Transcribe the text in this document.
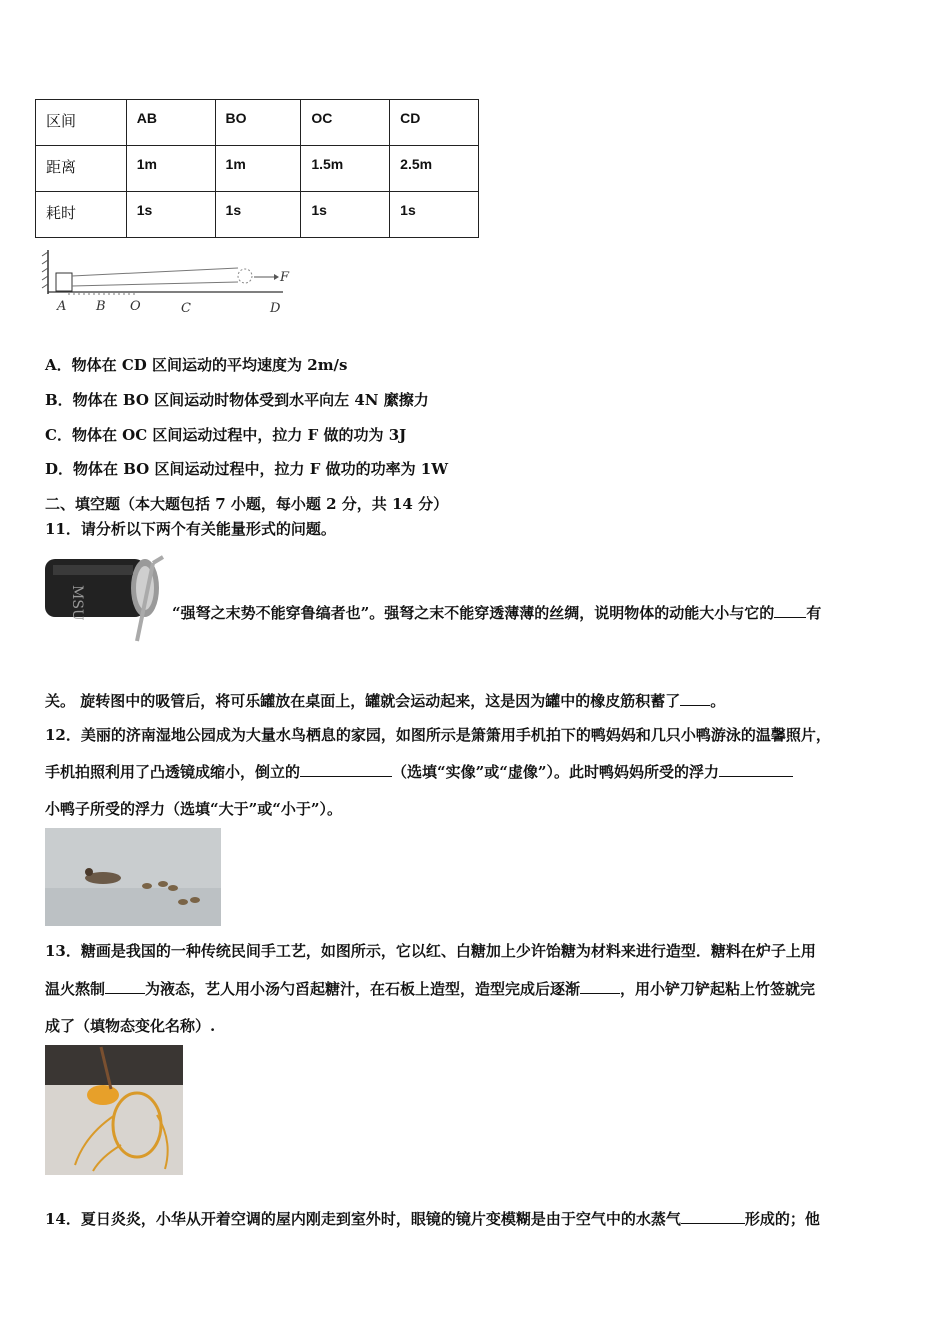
区间	AB	BO	OC	CD
距离	1m	1m	1.5m	2.5m
耗时	1s	1s	1s	1s
F
A B O	C	D
A．物体在 CD 区间运动的平均速度为 2m/s
B．物体在 BO 区间运动时物体受到水平向左 4N 縻擦力
C．物体在 OC 区间运动过程中，拉力 F 做的功为 3J
D．物体在 BO 区间运动过程中，拉力 F 做功的功率为 1W
二、填空题（本大题包括 7 小题，每小题 2 分，共 14 分）
11．请分析以下两个有关能量形式的问题。
MSU	“强弩之末势不能穿鲁缟者也”。强弩之末不能穿透薄薄的丝绸，说明物体的动能大小与它的 有
关。 旋转图中的吸管后，将可乐罐放在桌面上，罐就会运动起来，这是因为罐中的橡皮筋积蓄了 。
12．美丽的济南湿地公园成为大量水鸟栖息的家园，如图所示是箫箫用手机拍下的鸭妈妈和几只小鸭游泳的温馨照片，
手机拍照利用了凸透镜成缩小，倒立的	（选填“实像”或“虚像”）。此时鸭妈妈所受的浮力
小鸭子所受的浮力（选填“大于”或“小于”）。
13．糖画是我国的一种传统民间手工艺，如图所示，它以红、白糖加上少许饴糖为材料来进行造型．糖料在炉子上用
温火熬制	为液态，艺人用小汤勺舀起糖汁，在石板上造型，造型完成后逐渐	，用小铲刀铲起粘上竹签就完
成了（填物态变化名称）.
14．夏日炎炎，小华从开着空调的屋内刚走到室外时，眼镜的镜片变模糊是由于空气中的水蒸气	形成的；他
